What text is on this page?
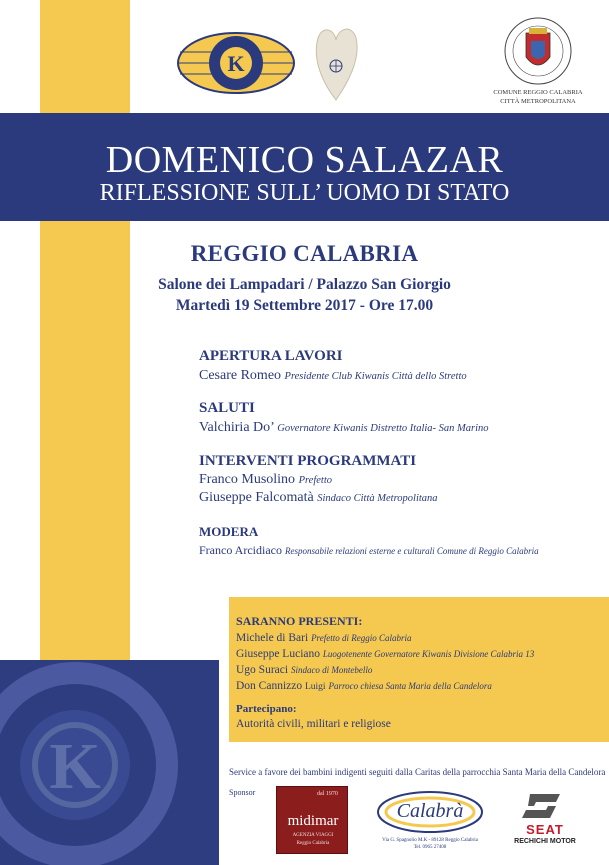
K
COMUNE REGGIO CALABRIA
CITTÀ METROPOLITANA
DOMENICO SALAZAR
RIFLESSIONE SULL’ UOMO DI STATO
REGGIO CALABRIA
Salone dei Lampadari / Palazzo San Giorgio
Martedì 19 Settembre 2017 - Ore 17.00
APERTURA LAVORI
Cesare Romeo Presidente Club Kiwanis Città dello Stretto
SALUTI
Valchiria Do’ Governatore Kiwanis Distretto Italia- San Marino
INTERVENTI PROGRAMMATI
Franco Musolino Prefetto
Giuseppe Falcomatà Sindaco Città Metropolitana
MODERA
Franco Arcidiaco Responsabile relazioni esterne e culturali Comune di Reggio Calabria
SARANNO PRESENTI:
Michele di Bari Prefetto di Reggio Calabria
Giuseppe Luciano Luogotenente Governatore Kiwanis Divisione Calabria 13
Ugo Suraci Sindaco di Montebello
Don Cannizzo Luigi Parroco chiesa Santa Maria della Candelora
Partecipano:
Autorità civili, militari e religiose
K	Service a favore dei bambini indigenti seguiti dalla Caritas della parrocchia Santa Maria della Candelora
Sponsor	dal 1970
midimar
AGENZIA VIAGGI
Reggio Calabria
Calabrà
Via G. Spagnolio M.K - 89128 Reggio Calabria
Tel. 0965 27408
SEAT
RECHICHI MOTOR
